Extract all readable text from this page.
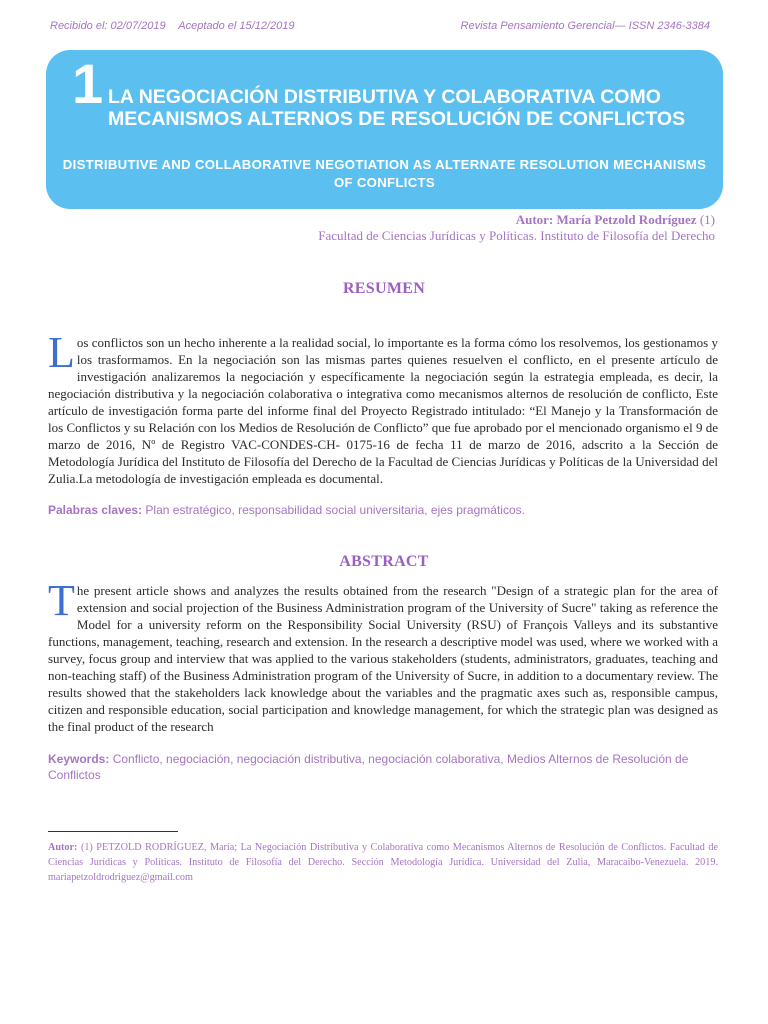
Recibido el: 02/07/2019 Aceptado el 15/12/2019	Revista Pensamiento Gerencial— ISSN 2346-3384
1 LA NEGOCIACIÓN DISTRIBUTIVA Y COLABORATIVA COMO MECANISMOS ALTERNOS DE RESOLUCIÓN DE CONFLICTOS
DISTRIBUTIVE AND COLLABORATIVE NEGOTIATION AS ALTERNATE RESOLUTION MECHANISMS OF CONFLICTS
Autor: María Petzold Rodríguez (1)
Facultad de Ciencias Jurídicas y Políticas. Instituto de Filosofía del Derecho
RESUMEN
Los conflictos son un hecho inherente a la realidad social, lo importante es la forma cómo los resolvemos, los gestionamos y los trasformamos. En la negociación son las mismas partes quienes resuelven el conflicto, en el presente artículo de investigación analizaremos la negociación y específicamente la negociación según la estrategia empleada, es decir, la negociación distributiva y la negociación colaborativa o integrativa como mecanismos alternos de resolución de conflicto, Este artículo de investigación forma parte del informe final del Proyecto Registrado intitulado: “El Manejo y la Transformación de los Conflictos y su Relación con los Medios de Resolución de Conflicto” que fue aprobado por el mencionado organismo el 9 de marzo de 2016, Nº de Registro VAC-CONDES-CH- 0175-16 de fecha 11 de marzo de 2016, adscrito a la Sección de Metodología Jurídica del Instituto de Filosofía del Derecho de la Facultad de Ciencias Jurídicas y Políticas de la Universidad del Zulia.La metodología de investigación empleada es documental.
Palabras claves: Plan estratégico, responsabilidad social universitaria, ejes pragmáticos.
ABSTRACT
The present article shows and analyzes the results obtained from the research "Design of a strategic plan for the area of extension and social projection of the Business Administration program of the University of Sucre" taking as reference the Model for a university reform on the Responsibility Social University (RSU) of François Valleys and its substantive functions, management, teaching, research and extension. In the research a descriptive model was used, where we worked with a survey, focus group and interview that was applied to the various stakeholders (students, administrators, graduates, teaching and non-teaching staff) of the Business Administration program of the University of Sucre, in addition to a documentary review. The results showed that the stakeholders lack knowledge about the variables and the pragmatic axes such as, responsible campus, citizen and responsible education, social participation and knowledge management, for which the strategic plan was designed as the final product of the research
Keywords: Conflicto, negociación, negociación distributiva, negociación colaborativa, Medios Alternos de Resolución de Conflictos
Autor: (1) PETZOLD RODRÍGUEZ, María; La Negociación Distributiva y Colaborativa como Mecanismos Alternos de Resolución de Conflictos. Facultad de Ciencias Jurídicas y Políticas. Instituto de Filosofía del Derecho. Sección Metodología Jurídica. Universidad del Zulia, Maracaibo-Venezuela. 2019. mariapetzoldrodriguez@gmail.com
